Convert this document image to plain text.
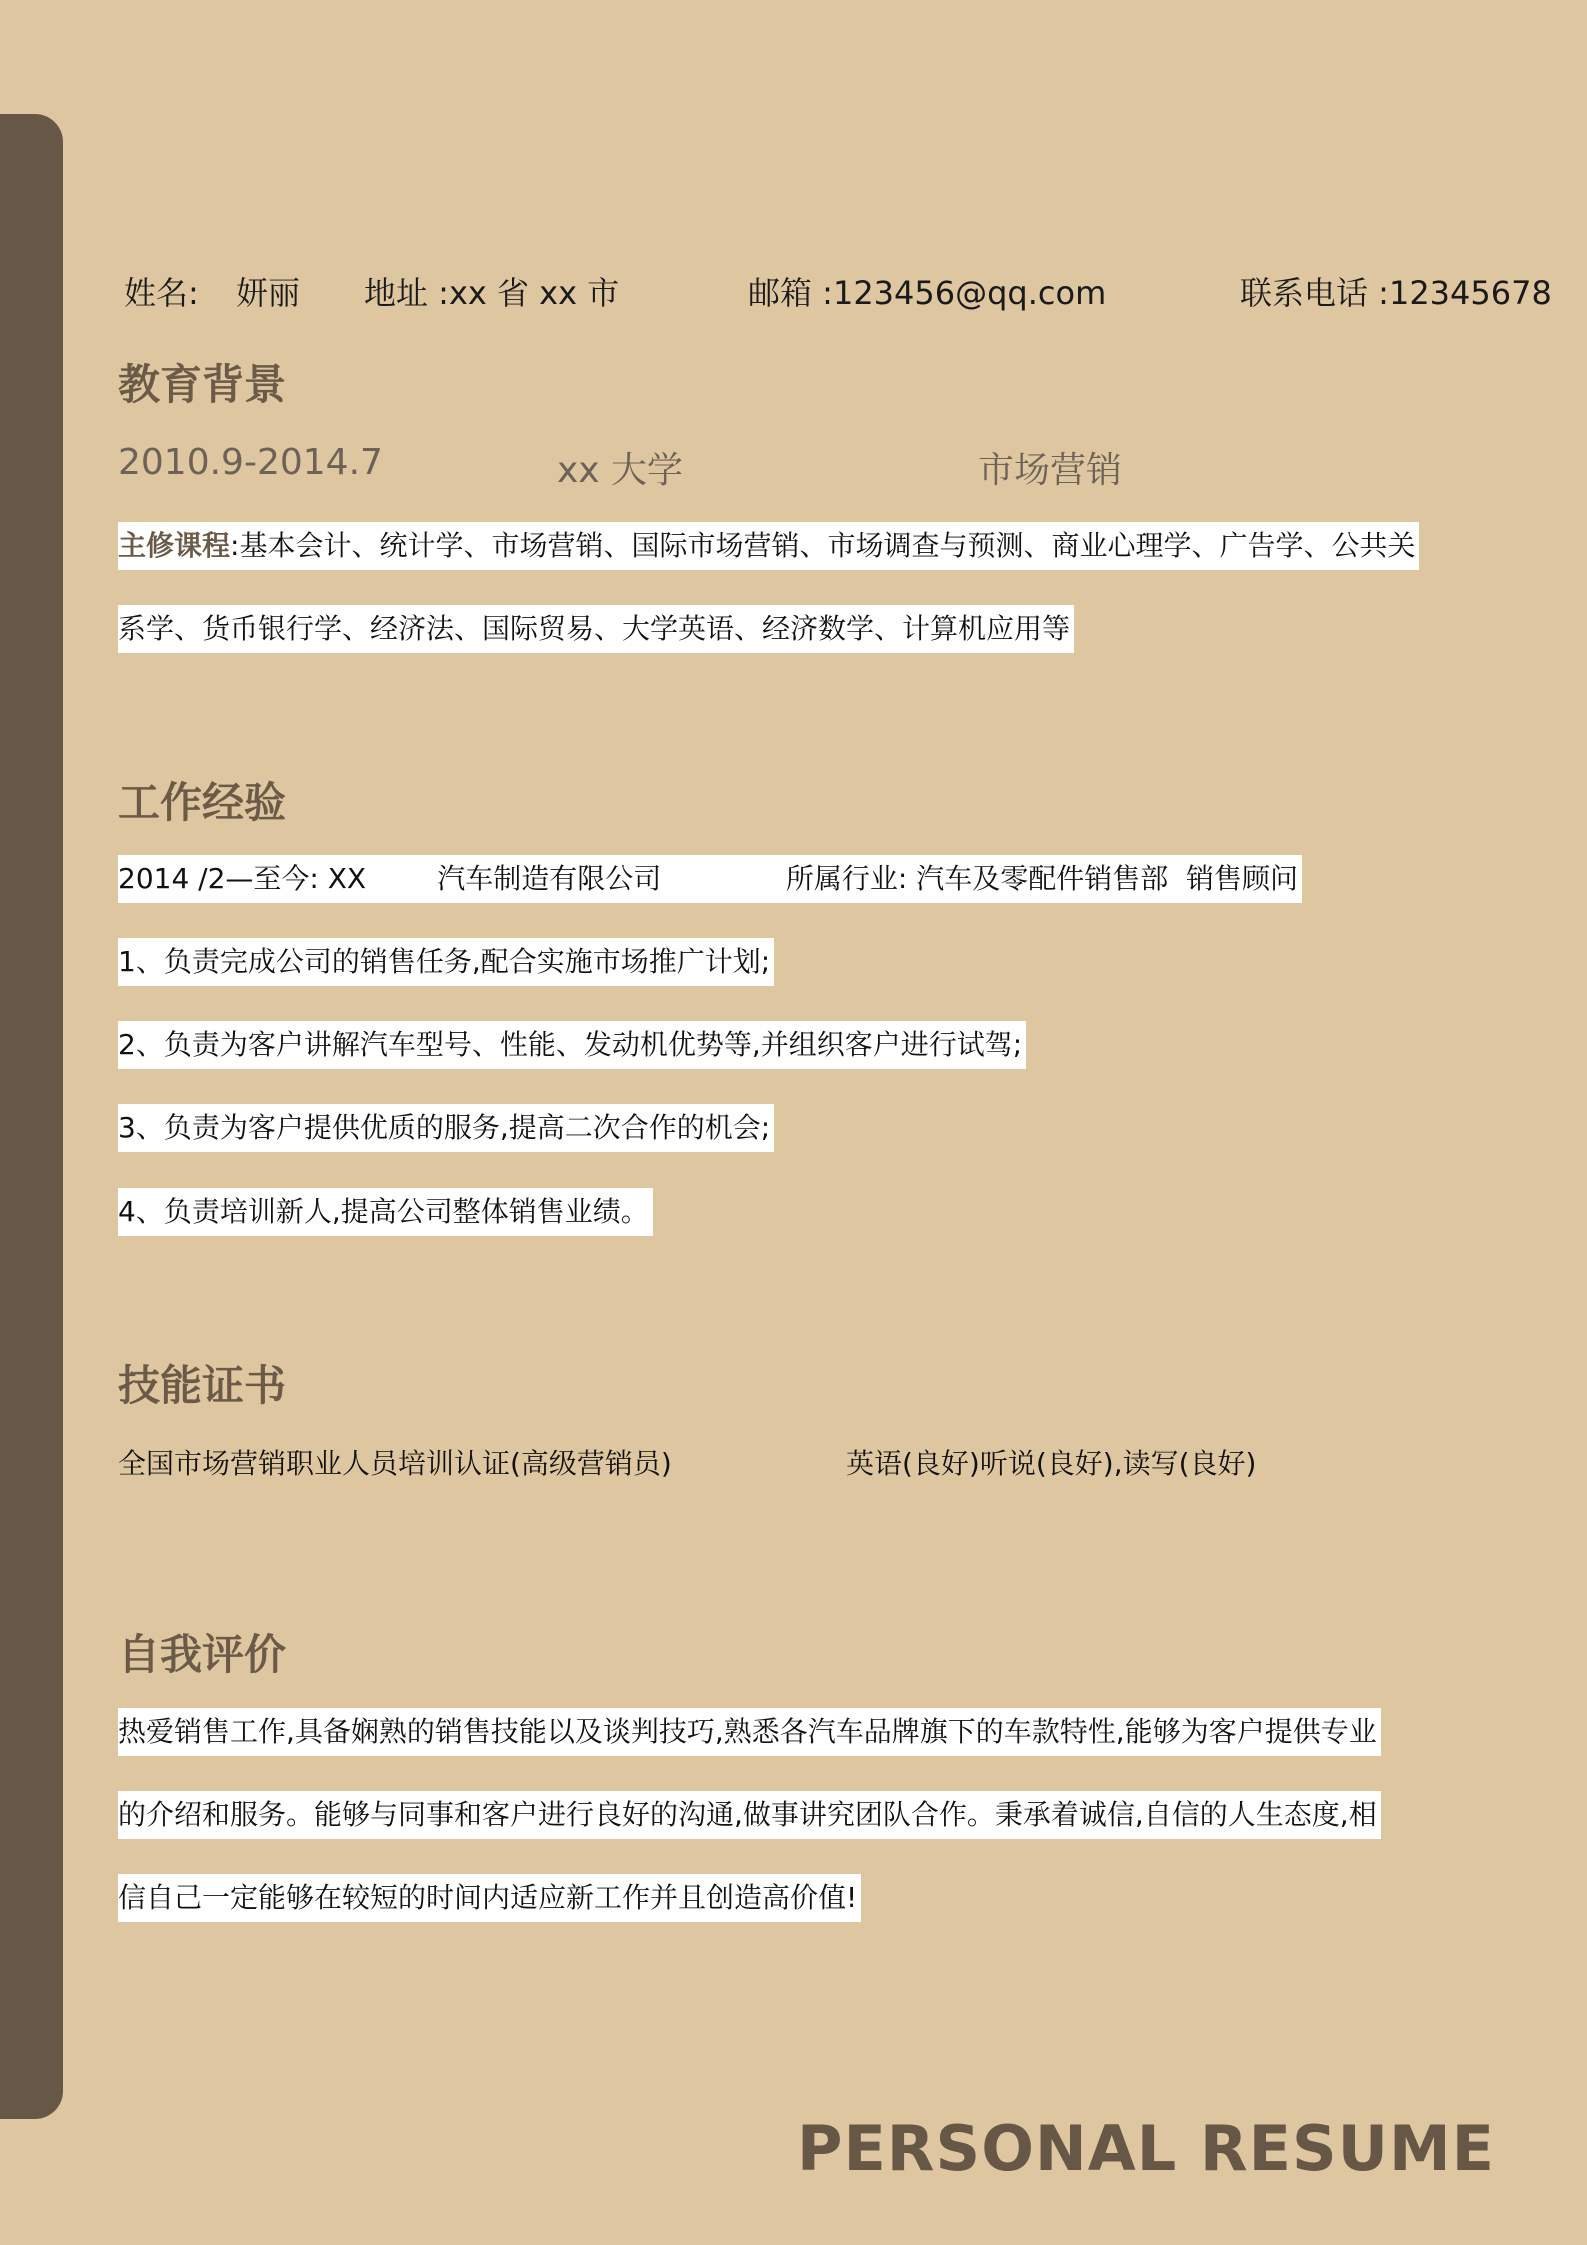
姓名: 妍丽 地址 :xx 省 xx 市	邮箱 :123456@qq.com	联系电话 :12345678
教育背景
2010.9-2014.7	xx 大学	市场营销
主修课程:基本会计、统计学、市场营销、国际市场营销、市场调查与预测、商业心理学、广告学、公共关
系学、货币银行学、经济法、国际贸易、大学英语、经济数学、计算机应用等
工作经验
2014 /2—至今: XX        汽车制造有限公司              所属行业: 汽车及零配件销售部  销售顾问
1、负责完成公司的销售任务,配合实施市场推广计划;
2、负责为客户讲解汽车型号、性能、发动机优势等,并组织客户进行试驾;
3、负责为客户提供优质的服务,提高二次合作的机会;
4、负责培训新人,提高公司整体销售业绩。
技能证书
全国市场营销职业人员培训认证(高级营销员)	英语(良好)听说(良好),读写(良好)
自我评价
热爱销售工作,具备娴熟的销售技能以及谈判技巧,熟悉各汽车品牌旗下的车款特性,能够为客户提供专业
的介绍和服务。能够与同事和客户进行良好的沟通,做事讲究团队合作。秉承着诚信,自信的人生态度,相
信自己一定能够在较短的时间内适应新工作并且创造高价值!
PERSONAL RESUME
